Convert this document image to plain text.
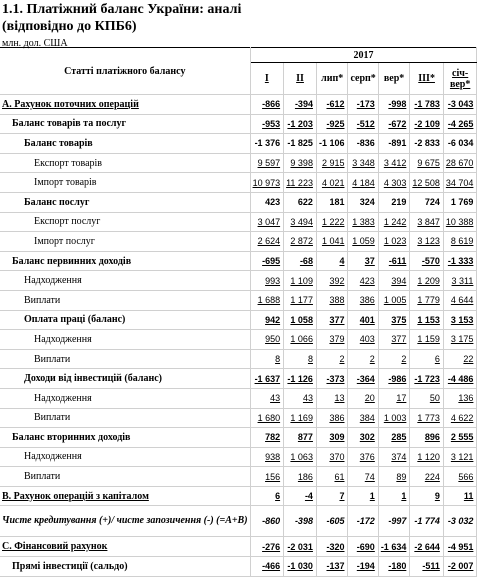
1.1. Платіжний баланс України: аналі
(відповідно до КПБ6)
млн. дол. США
Статті платіжного балансу	2017						
	І	ІІ	лип*	серп*	вер*	ІІІ*	січ-вер*
А. Рахунок поточних операцій	-866	-394	-612	-173	-998	-1 783	-3 043
Баланс товарів та послуг	-953	-1 203	-925	-512	-672	-2 109	-4 265
Баланс товарів	-1 376	-1 825	-1 106	-836	-891	-2 833	-6 034
Експорт товарів	9 597	9 398	2 915	3 348	3 412	9 675	28 670
Імпорт товарів	10 973	11 223	4 021	4 184	4 303	12 508	34 704
Баланс послуг	423	622	181	324	219	724	1 769
Експорт послуг	3 047	3 494	1 222	1 383	1 242	3 847	10 388
Імпорт послуг	2 624	2 872	1 041	1 059	1 023	3 123	8 619
Баланс первинних доходів	-695	-68	4	37	-611	-570	-1 333
Надходження	993	1 109	392	423	394	1 209	3 311
Виплати	1 688	1 177	388	386	1 005	1 779	4 644
Оплата праці (баланс)	942	1 058	377	401	375	1 153	3 153
Надходження	950	1 066	379	403	377	1 159	3 175
Виплати	8	8	2	2	2	6	22
Доходи від інвестицій (баланс)	-1 637	-1 126	-373	-364	-986	-1 723	-4 486
Надходження	43	43	13	20	17	50	136
Виплати	1 680	1 169	386	384	1 003	1 773	4 622
Баланс вторинних доходів	782	877	309	302	285	896	2 555
Надходження	938	1 063	370	376	374	1 120	3 121
Виплати	156	186	61	74	89	224	566
В. Рахунок операцій з капіталом	6	-4	7	1	1	9	11
Чисте кредитування (+)/ чисте запозичення (-) (=A+B)	-860	-398	-605	-172	-997	-1 774	-3 032
С. Фінансовий рахунок	-276	-2 031	-320	-690	-1 634	-2 644	-4 951
Прямі інвестиції (сальдо)	-466	-1 030	-137	-194	-180	-511	-2 007
